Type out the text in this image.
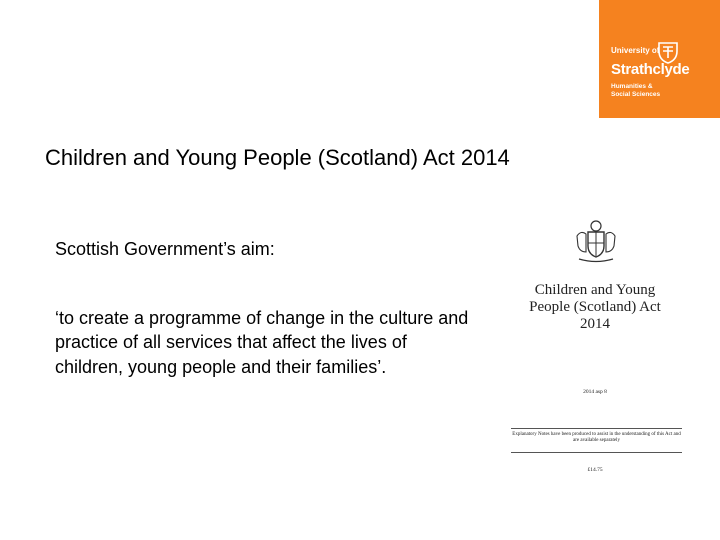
University of
Strathclyde
Humanities &
Social Sciences
Children and Young People (Scotland) Act 2014
Scottish Government’s aim:
‘to create a programme of change in the culture and practice of all services that affect the lives of children, young people and their families’.
Children and Young
People (Scotland) Act
2014
2014 asp 8
Explanatory Notes have been produced to assist in the understanding of this Act and are available separately
£14.75
